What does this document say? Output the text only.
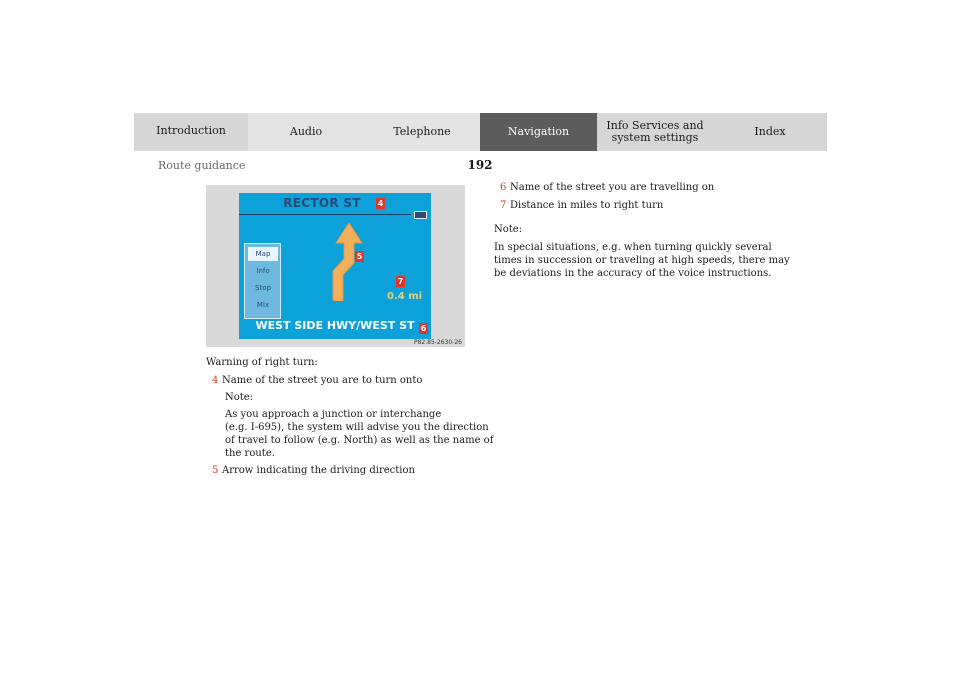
Introduction	Audio	Telephone	Navigation	Info Services and system settings	Index
192
Route guidance
RECTOR ST	4
5
Map
Info
Stop
Mix
7
0.4 mi
WEST SIDE HWY/WEST ST 6
P82.85-2630-26

Warning of right turn:

4 Name of the street you are to turn onto

Note:

As you approach a junction or interchange

(e.g. I-695), the system will advise you the direction

of travel to follow (e.g. North) as well as the name of

the route.

5 Arrow indicating the driving direction

6 Name of the street you are travelling on

7 Distance in miles to right turn

Note:

In special situations, e.g. when turning quickly several

times in succession or traveling at high speeds, there may

be deviations in the accuracy of the voice instructions.
